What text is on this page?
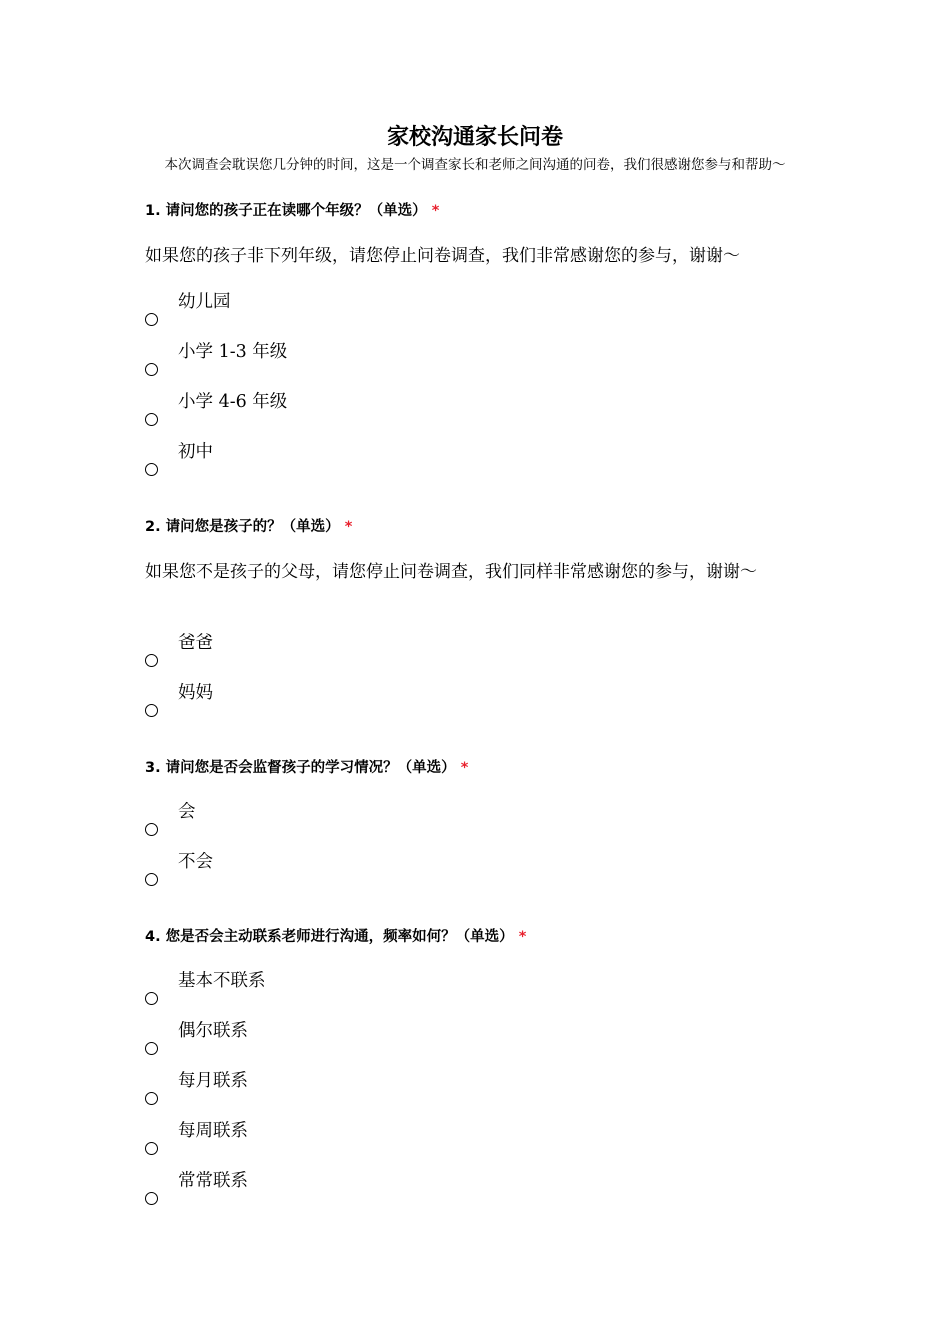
家校沟通家长问卷
本次调查会耽误您几分钟的时间，这是一个调查家长和老师之间沟通的问卷，我们很感谢您参与和帮助～
1. 请问您的孩子正在读哪个年级？（单选） *
如果您的孩子非下列年级，请您停止问卷调查，我们非常感谢您的参与，谢谢～
幼儿园
小学 1-3 年级
小学 4-6 年级
初中
2. 请问您是孩子的？（单选） *
如果您不是孩子的父母，请您停止问卷调查，我们同样非常感谢您的参与，谢谢～
爸爸
妈妈
3. 请问您是否会监督孩子的学习情况？（单选） *
会
不会
4. 您是否会主动联系老师进行沟通，频率如何？（单选） *
基本不联系
偶尔联系
每月联系
每周联系
常常联系
